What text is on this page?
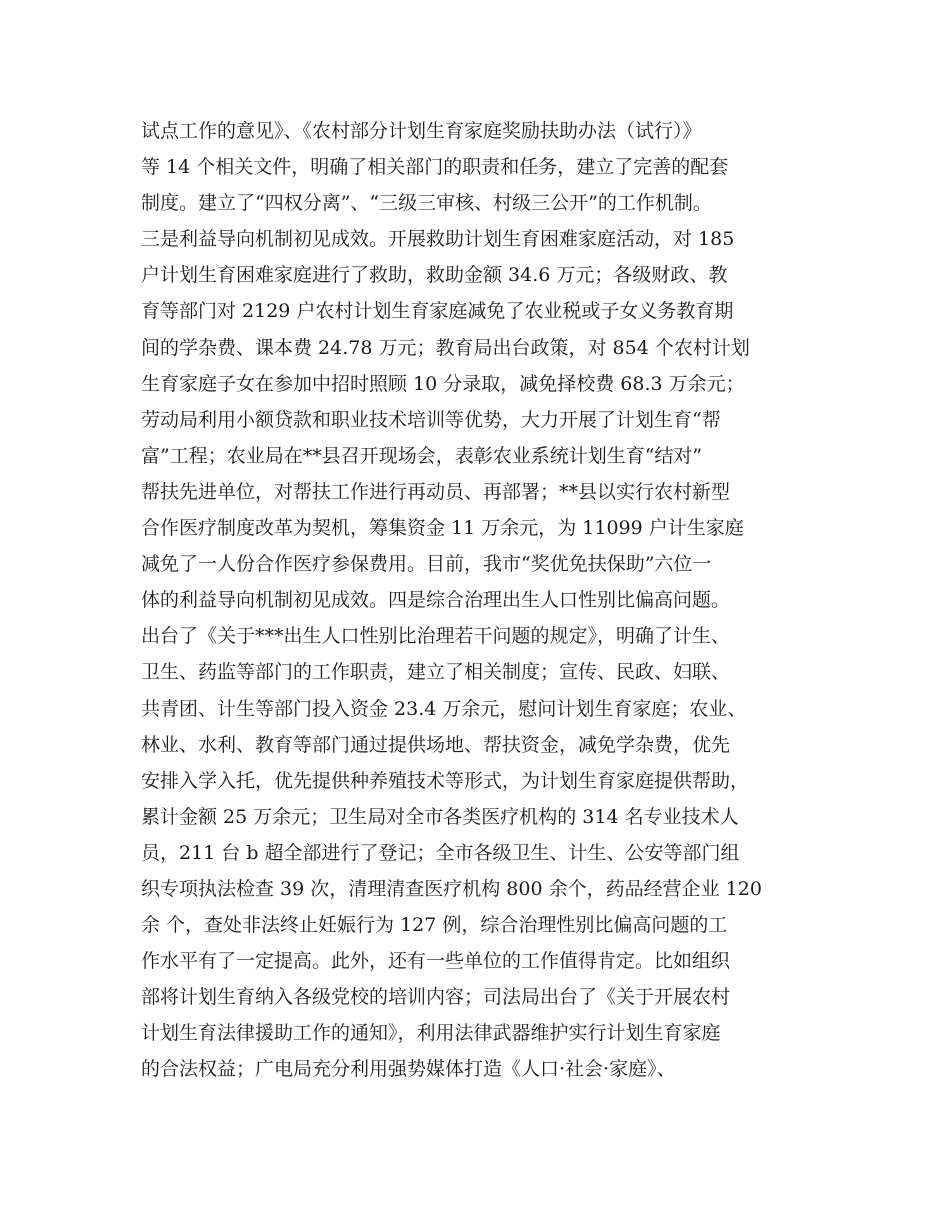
试点工作的意见》、《农村部分计划生育家庭奖励扶助办法（试行）》
等 14 个相关文件，明确了相关部门的职责和任务，建立了完善的配套
制度。建立了“四权分离”、“三级三审核、村级三公开”的工作机制。
三是利益导向机制初见成效。开展救助计划生育困难家庭活动，对 185
户计划生育困难家庭进行了救助，救助金额 34.6 万元；各级财政、教
育等部门对 2129 户农村计划生育家庭减免了农业税或子女义务教育期
间的学杂费、课本费 24.78 万元；教育局出台政策，对 854 个农村计划
生育家庭子女在参加中招时照顾 10 分录取，减免择校费 68.3 万余元；
劳动局利用小额贷款和职业技术培训等优势，大力开展了计划生育“帮
富”工程；农业局在**县召开现场会，表彰农业系统计划生育“结对”
帮扶先进单位，对帮扶工作进行再动员、再部署；**县以实行农村新型
合作医疗制度改革为契机，筹集资金 11 万余元，为 11099 户计生家庭
减免了一人份合作医疗参保费用。目前，我市“奖优免扶保助”六位一
体的利益导向机制初见成效。四是综合治理出生人口性别比偏高问题。
出台了《关于***出生人口性别比治理若干问题的规定》，明确了计生、
卫生、药监等部门的工作职责，建立了相关制度；宣传、民政、妇联、
共青团、计生等部门投入资金 23.4 万余元，慰问计划生育家庭；农业、
林业、水利、教育等部门通过提供场地、帮扶资金，减免学杂费，优先
安排入学入托，优先提供种养殖技术等形式，为计划生育家庭提供帮助，
累计金额 25 万余元；卫生局对全市各类医疗机构的 314 名专业技术人
员，211 台 b 超全部进行了登记；全市各级卫生、计生、公安等部门组
织专项执法检查 39 次，清理清查医疗机构 800 余个，药品经营企业 120
余 个，查处非法终止妊娠行为 127 例，综合治理性别比偏高问题的工
作水平有了一定提高。此外，还有一些单位的工作值得肯定。比如组织
部将计划生育纳入各级党校的培训内容；司法局出台了《关于开展农村
计划生育法律援助工作的通知》，利用法律武器维护实行计划生育家庭
的合法权益；广电局充分利用强势媒体打造《人口·社会·家庭》、
